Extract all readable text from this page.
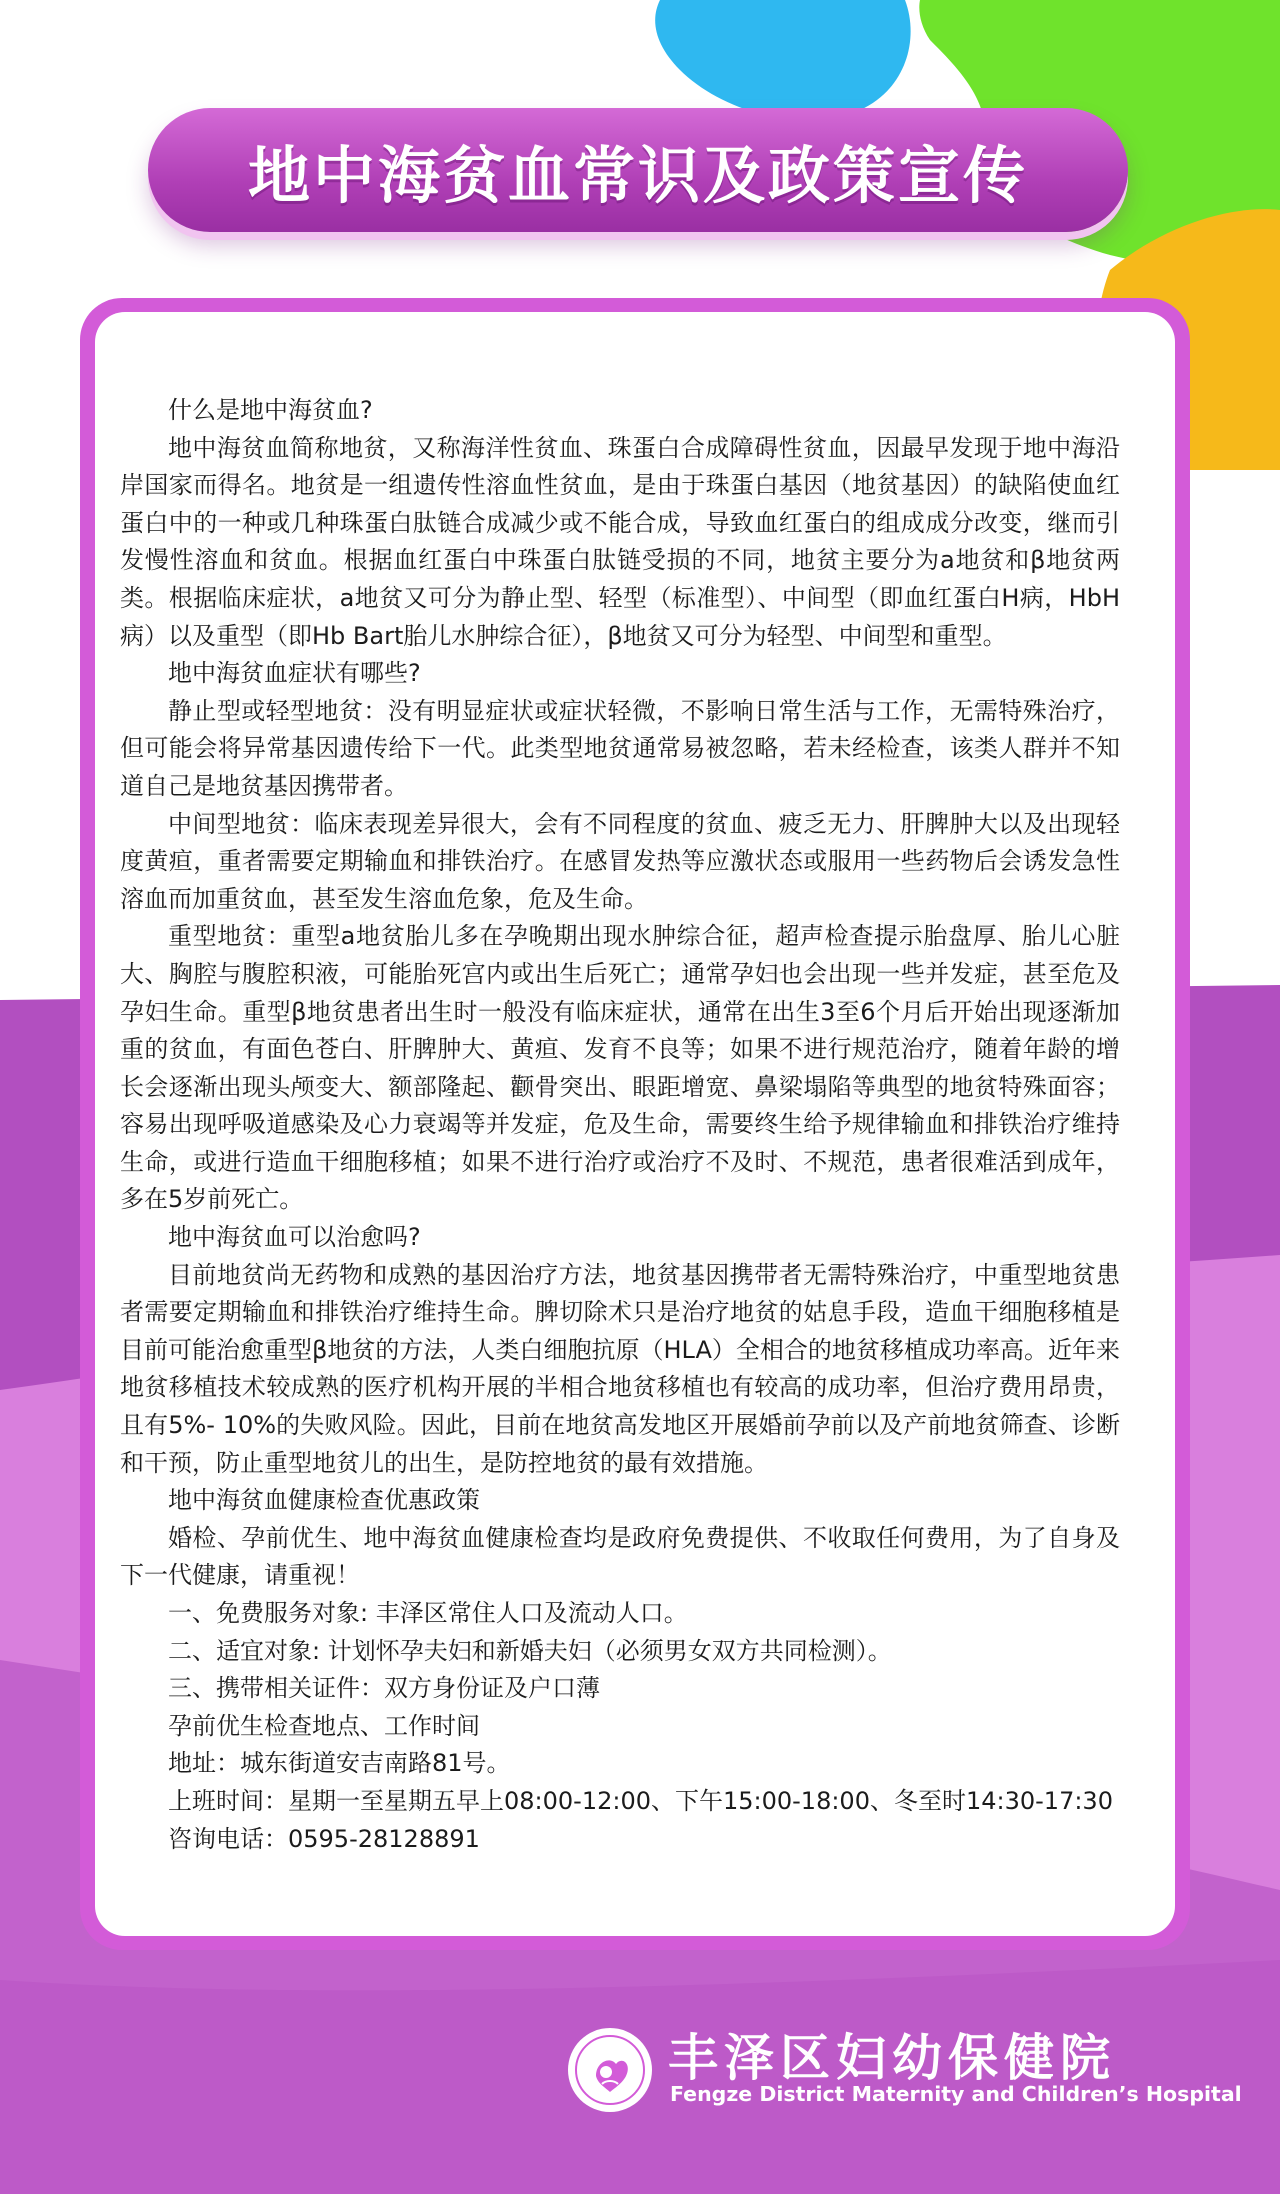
地中海贫血常识及政策宣传

什么是地中海贫血?

地中海贫血简称地贫，又称海洋性贫血、珠蛋白合成障碍性贫血，因最早发现于地中海沿岸国家而得名。地贫是一组遗传性溶血性贫血，是由于珠蛋白基因（地贫基因）的缺陷使血红蛋白中的一种或几种珠蛋白肽链合成减少或不能合成，导致血红蛋白的组成成分改变，继而引发慢性溶血和贫血。根据血红蛋白中珠蛋白肽链受损的不同，地贫主要分为a地贫和β地贫两类。根据临床症状，a地贫又可分为静止型、轻型（标准型）、中间型（即血红蛋白H病，HbH病）以及重型（即Hb Bart胎儿水肿综合征），β地贫又可分为轻型、中间型和重型。

地中海贫血症状有哪些?

静止型或轻型地贫：没有明显症状或症状轻微，不影响日常生活与工作，无需特殊治疗，但可能会将异常基因遗传给下一代。此类型地贫通常易被忽略，若未经检查，该类人群并不知道自己是地贫基因携带者。

中间型地贫：临床表现差异很大，会有不同程度的贫血、疲乏无力、肝脾肿大以及出现轻度黄疸，重者需要定期输血和排铁治疗。在感冒发热等应激状态或服用一些药物后会诱发急性溶血而加重贫血，甚至发生溶血危象，危及生命。

重型地贫：重型a地贫胎儿多在孕晚期出现水肿综合征，超声检查提示胎盘厚、胎儿心脏大、胸腔与腹腔积液，可能胎死宫内或出生后死亡；通常孕妇也会出现一些并发症，甚至危及孕妇生命。重型β地贫患者出生时一般没有临床症状，通常在出生3至6个月后开始出现逐渐加重的贫血，有面色苍白、肝脾肿大、黄疸、发育不良等；如果不进行规范治疗，随着年龄的增长会逐渐出现头颅变大、额部隆起、颧骨突出、眼距增宽、鼻梁塌陷等典型的地贫特殊面容；容易出现呼吸道感染及心力衰竭等并发症，危及生命，需要终生给予规律输血和排铁治疗维持生命，或进行造血干细胞移植；如果不进行治疗或治疗不及时、不规范，患者很难活到成年，多在5岁前死亡。

地中海贫血可以治愈吗?

目前地贫尚无药物和成熟的基因治疗方法，地贫基因携带者无需特殊治疗，中重型地贫患者需要定期输血和排铁治疗维持生命。脾切除术只是治疗地贫的姑息手段，造血干细胞移植是目前可能治愈重型β地贫的方法，人类白细胞抗原（HLA）全相合的地贫移植成功率高。近年来地贫移植技术较成熟的医疗机构开展的半相合地贫移植也有较高的成功率，但治疗费用昂贵，且有5%- 10%的失败风险。因此，目前在地贫高发地区开展婚前孕前以及产前地贫筛查、诊断和干预，防止重型地贫儿的出生，是防控地贫的最有效措施。

地中海贫血健康检查优惠政策

婚检、孕前优生、地中海贫血健康检查均是政府免费提供、不收取任何费用，为了自身及下一代健康，请重视！

一、免费服务对象: 丰泽区常住人口及流动人口。

二、适宜对象: 计划怀孕夫妇和新婚夫妇（必须男女双方共同检测）。

三、携带相关证件：双方身份证及户口薄

孕前优生检查地点、工作时间

地址：城东街道安吉南路81号。

上班时间：星期一至星期五早上08:00-12:00、下午15:00-18:00、冬至时14:30-17:30

咨询电话：0595-28128891

丰泽区妇幼保健院
Fengze District Maternity and Children’s Hospital
